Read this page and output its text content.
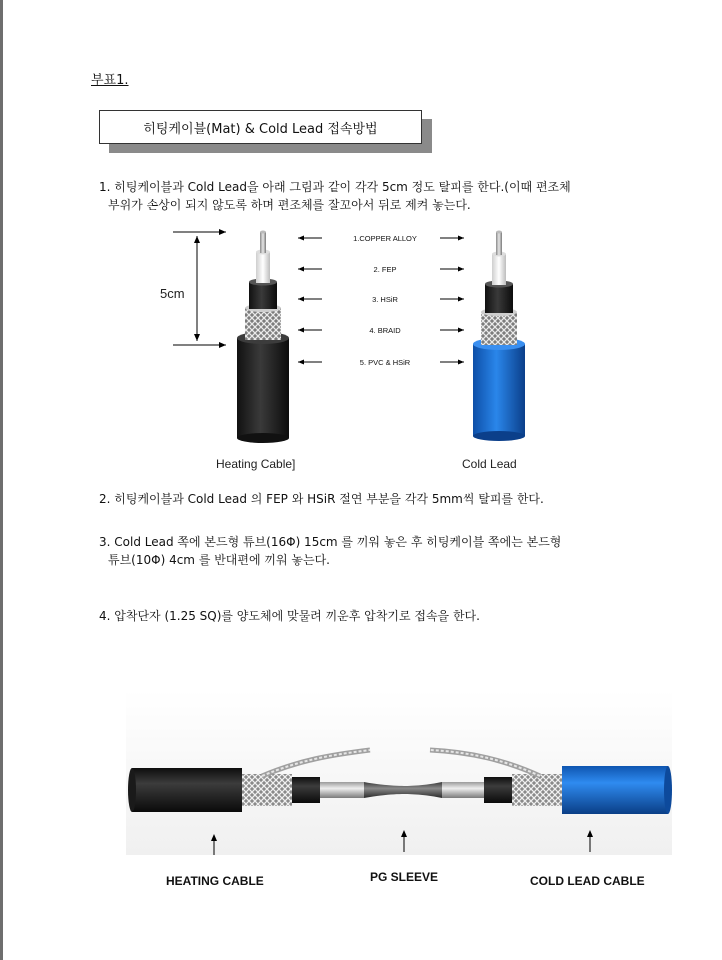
부표1.
히팅케이블(Mat) & Cold Lead 접속방법
1. 히팅케이블과 Cold Lead을 아래 그림과 같이 각각 5cm 정도 탈피를 한다.(이때 편조체
부위가 손상이 되지 않도록 하며 편조체를 잘꼬아서 뒤로 제켜 놓는다.
5cm
1.COPPER ALLOY
2. FEP
3. HSiR
4. BRAID
5. PVC & HSiR
Heating Cable]	Cold Lead
2. 히팅케이블과 Cold Lead 의 FEP 와 HSiR 절연 부분을 각각 5mm씩 탈피를 한다.
3. Cold Lead 쪽에 본드형 튜브(16Φ) 15cm 를 끼워 놓은 후 히팅케이블 쪽에는 본드형
튜브(10Φ) 4cm 를 반대편에 끼워 놓는다.
4. 압착단자 (1.25 SQ)를 양도체에 맞물려 끼운후 압착기로 접속을 한다.
HEATING CABLE	PG SLEEVE	COLD LEAD CABLE
